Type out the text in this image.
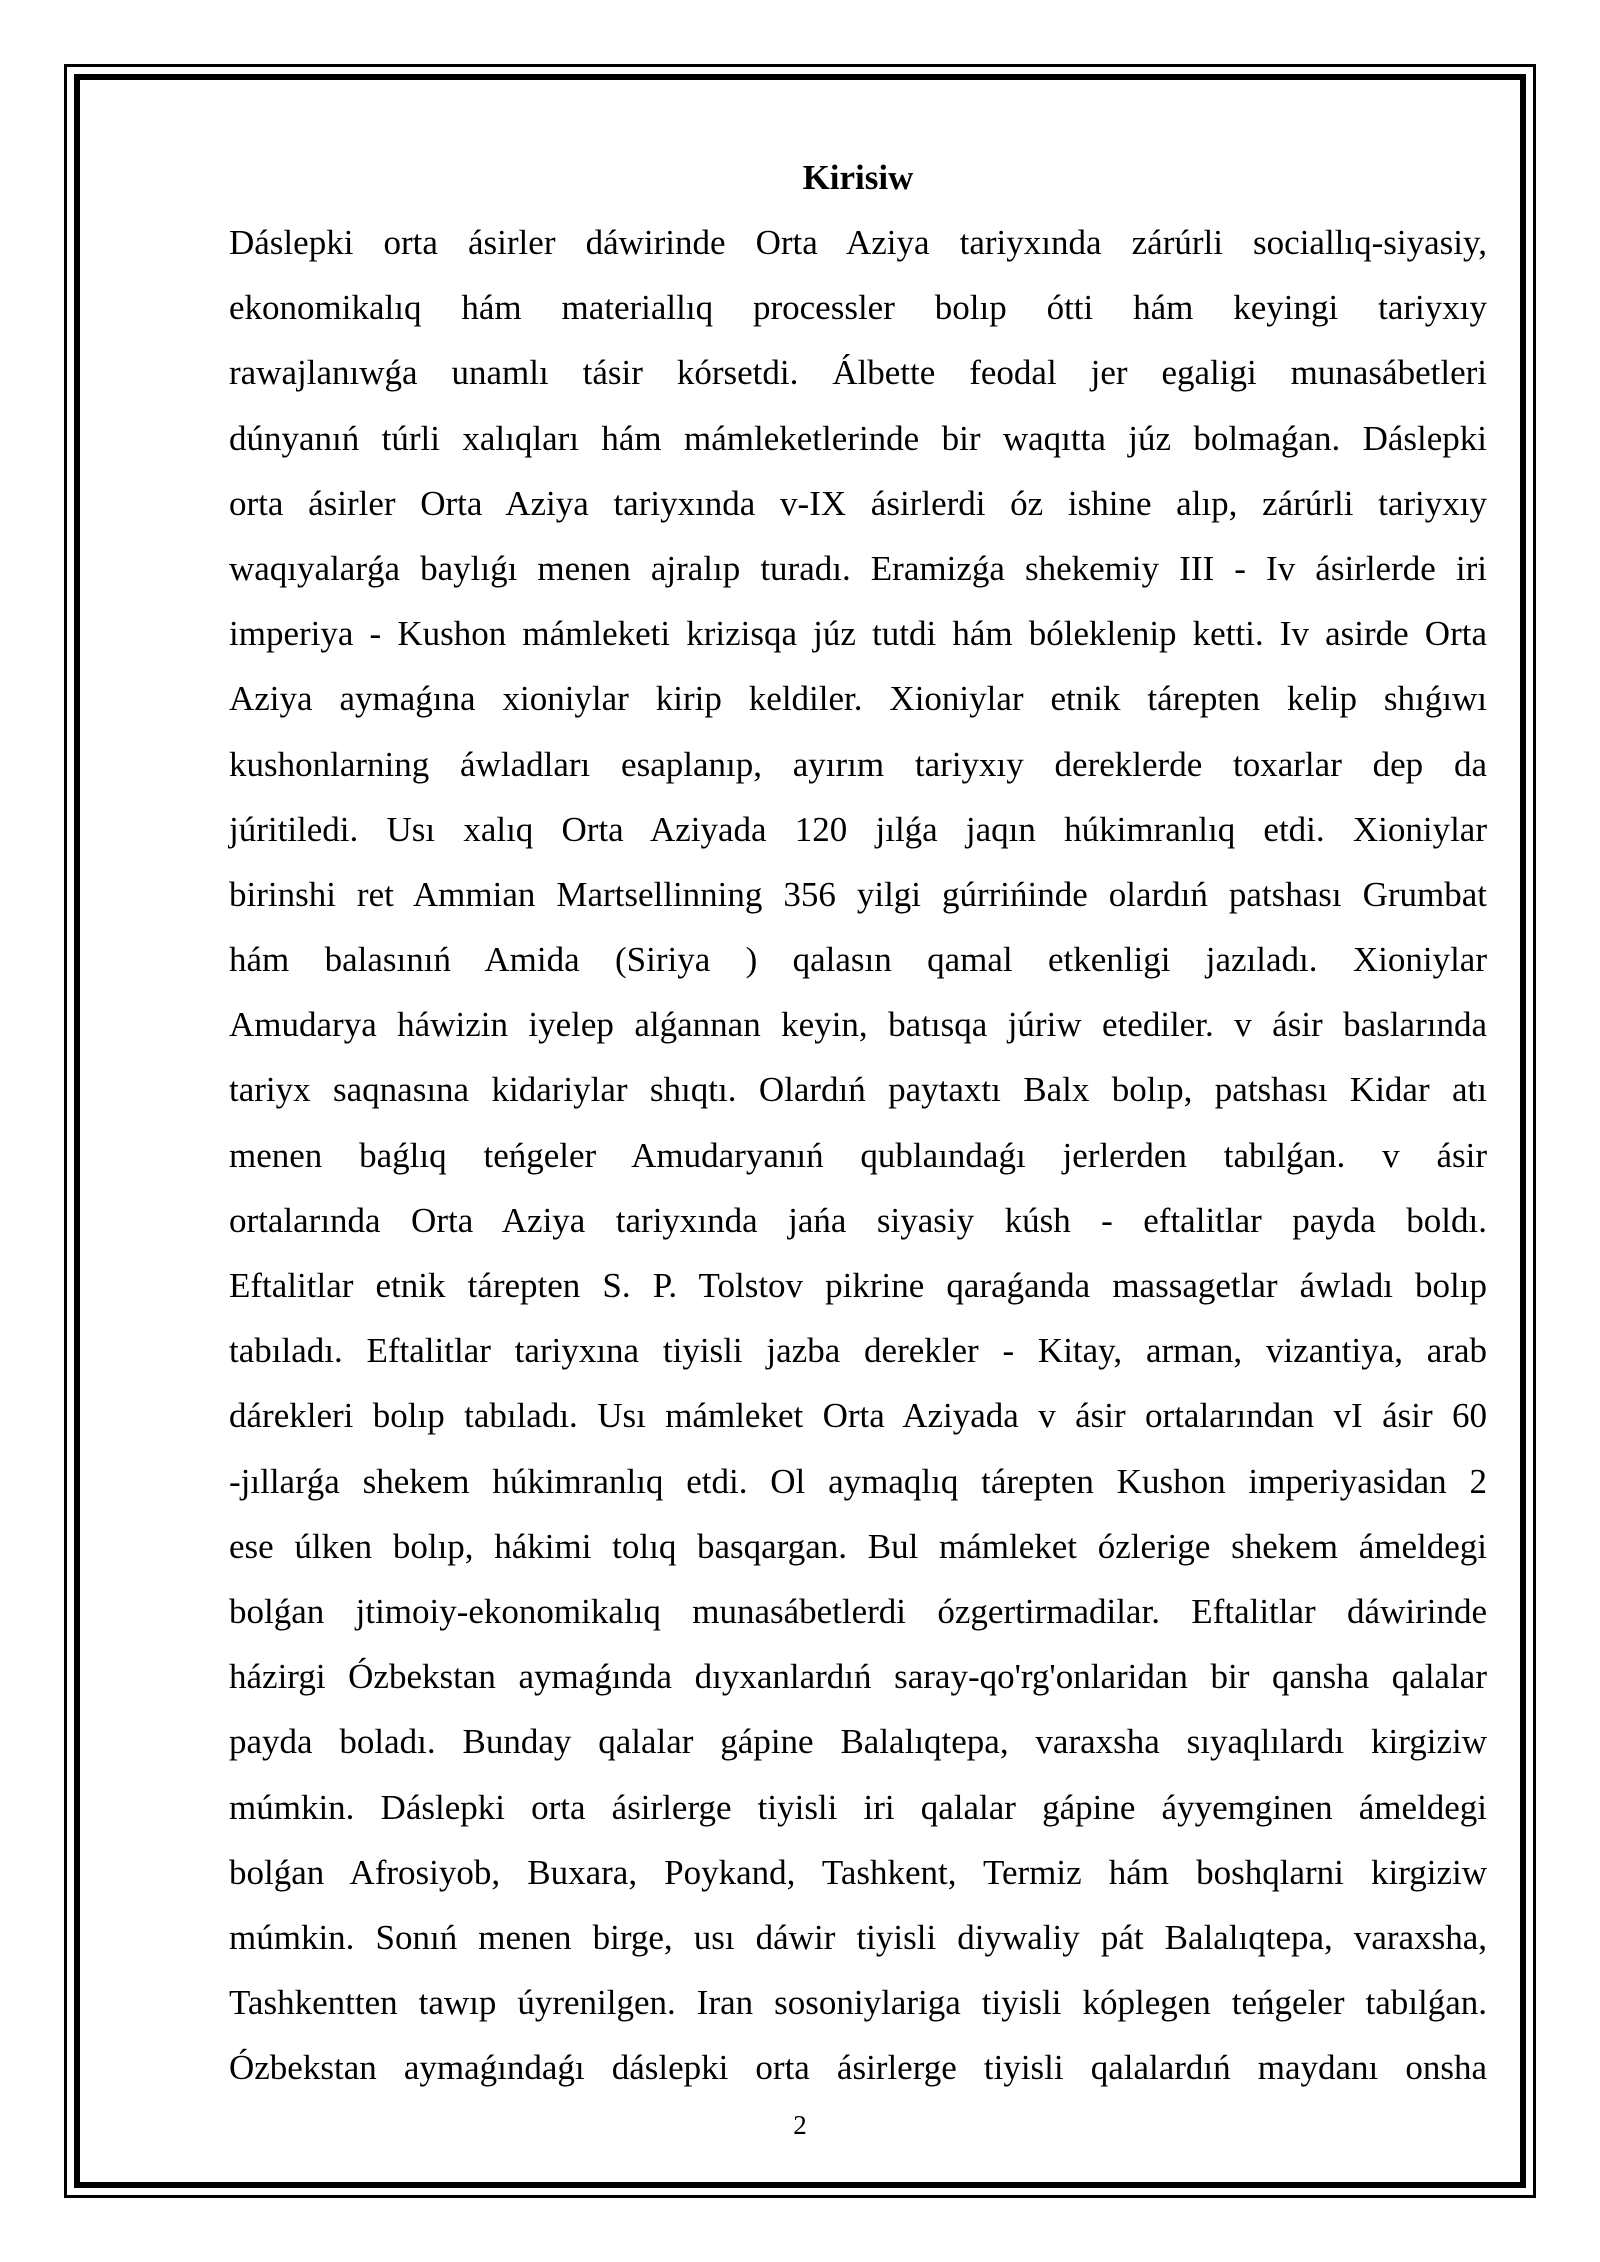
Kirisiw
Dáslepki orta ásirler dáwirinde Orta Aziya tariyxında zárúrli sociallıq-siyasiy,
ekonomikalıq hám materiallıq processler bolıp ótti hám keyingi tariyxıy
rawajlanıwǵa unamlı tásir kórsetdi. Álbette feodal jer egaligi munasábetleri
dúnyanıń túrli xalıqları hám mámleketlerinde bir waqıtta júz bolmaǵan. Dáslepki
orta ásirler Orta Aziya tariyxında v-IX ásirlerdi óz ishine alıp, zárúrli tariyxıy
waqıyalarǵa baylıǵı menen ajralıp turadı. Eramizǵa shekemiy III - Iv ásirlerde iri
imperiya - Kushon mámleketi krizisqa júz tutdi hám bóleklenip ketti. Iv asirde Orta
Aziya aymaǵına xioniylar kirip keldiler. Xioniylar etnik tárepten kelip shıǵıwı
kushonlarning áwladları esaplanıp, ayırım tariyxıy dereklerde toxarlar dep da
júritiledi. Usı xalıq Orta Aziyada 120 jılǵa jaqın húkimranlıq etdi. Xioniylar
birinshi ret Ammian Martsellinning 356 yilgi gúrrińinde olardıń patshası Grumbat
hám balasınıń Amida (Siriya ) qalasın qamal etkenligi jazıladı. Xioniylar
Amudarya háwizin iyelep alǵannan keyin, batısqa júriw etediler. v ásir baslarında
tariyx saqnasına kidariylar shıqtı. Olardıń paytaxtı Balx bolıp, patshası Kidar atı
menen baǵlıq teńgeler Amudaryanıń qublaındaǵı jerlerden tabılǵan. v ásir
ortalarında Orta Aziya tariyxında jańa siyasiy kúsh - eftalitlar payda boldı.
Eftalitlar etnik tárepten S. P. Tolstov pikrine qaraǵanda massagetlar áwladı bolıp
tabıladı. Eftalitlar tariyxına tiyisli jazba derekler - Kitay, arman, vizantiya, arab
dárekleri bolıp tabıladı. Usı mámleket Orta Aziyada v ásir ortalarından vI ásir 60
-jıllarǵa shekem húkimranlıq etdi. Ol aymaqlıq tárepten Kushon imperiyasidan 2
ese úlken bolıp, hákimi tolıq basqargan. Bul mámleket ózlerige shekem ámeldegi
bolǵan jtimoiy-ekonomikalıq munasábetlerdi ózgertirmadilar. Eftalitlar dáwirinde
házirgi Ózbekstan aymaǵında dıyxanlardıń saray-qo'rg'onlaridan bir qansha qalalar
payda boladı. Bunday qalalar gápine Balalıqtepa, varaxsha sıyaqlılardı kirgiziw
múmkin. Dáslepki orta ásirlerge tiyisli iri qalalar gápine áyyemginen ámeldegi
bolǵan Afrosiyob, Buxara, Poykand, Tashkent, Termiz hám boshqlarni kirgiziw
múmkin. Sonıń menen birge, usı dáwir tiyisli diywaliy pát Balalıqtepa, varaxsha,
Tashkentten tawıp úyrenilgen. Iran sosoniylariga tiyisli kóplegen teńgeler tabılǵan.
Ózbekstan aymaǵındaǵı dáslepki orta ásirlerge tiyisli qalalardıń maydanı onsha
2
